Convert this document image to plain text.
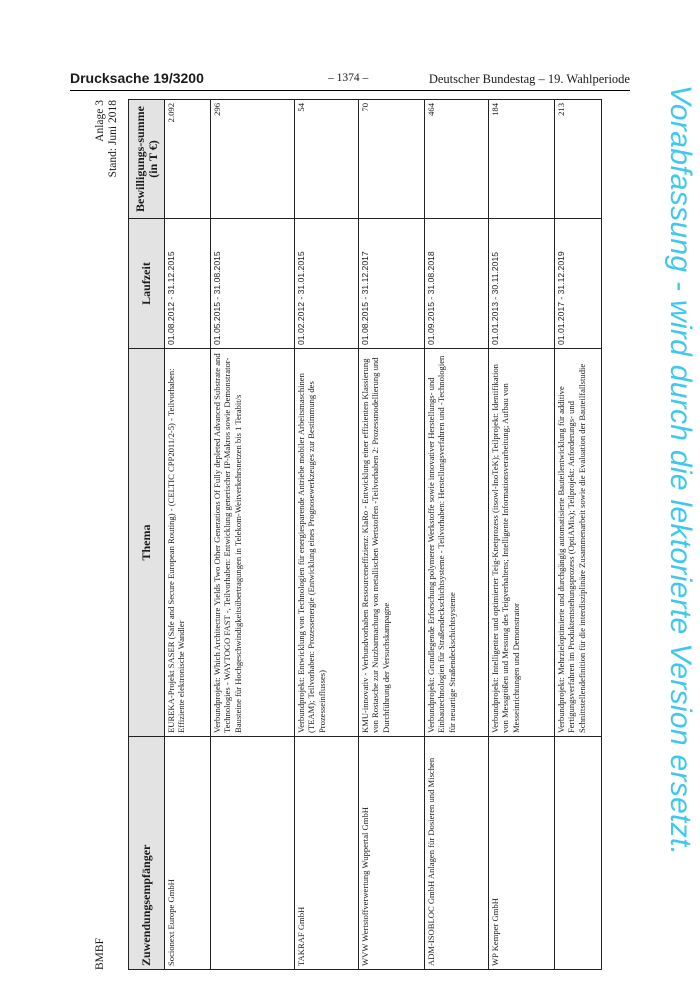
Drucksache 19/3200	– 1374 –	Deutscher Bundestag – 19. Wahlperiode
BMBF
Anlage 3 Stand: Juni 2018
Zuwendungsempfänger	Thema	Laufzeit	Bewilligungs-summe (in T €)
Socionext Europe GmbH	EUREKA-Projekt SASER (Safe and Secure European Routing) - (CELTIC CPP2011/2-5) - Teilvorhaben: Effiziente elektronische Wandler	01.08.2012 - 31.12.2015	2.092
	Verbundprojekt: Which Architecture Yields Two Other Generations Of Fully depleted Advanced Substrate and Technologies - WAYTOGO FAST -, Teilvorhaben: Entwicklung generischer IP-Makros sowie Demonstrator-Bausteine für Hochgeschwindigkeitsübertragungen in Telekom-Weitverkehrsnetzen bis 1 Terabit/s	01.05.2015 - 31.08.2015	296
TAKRAF GmbH	Verbundprojekt: Entwicklung von Technologien für energiesparende Antriebe mobiler Arbeitsmaschinen (TEAM); Teilvorhaben: Prozessenergie (Entwicklung eines Prognosewerkzeuges zur Bestimmung des Prozesseinflusses)	01.02.2012 - 31.01.2015	54
WVW Wertstoffverwertung Wuppertal GmbH	KMU-innovativ - Verbundvorhaben Ressourceneffizienz: KlaRo - Entwicklung einer effizienten Klassierung von Rostasche zur Nutzbarmachung von metallischen Wertstoffen -Teilvorhaben 2: Prozessmodellierung und Durchführung der Versuchskampagne	01.08.2015 - 31.12.2017	70
ADM-ISOBLOC GmbH Anlagen für Dosieren und Mischen	Verbundprojekt: Grundlegende Erforschung polymerer Werkstoffe sowie innovativer Herstellungs- und Einbautechnologien für Straßendeckschichtsysteme - Teilvorhaben: Herstellungsverfahren und -Technologien für neuartige Straßendeckschichtsysteme	01.09.2015 - 31.08.2018	464
WP Kemper GmbH	Verbundprojekt: Intelligenter und optimierter Teig-Knetprozess (itsowl-InoTeK); Teilprojekt: Identifikation von Messgrößen und Messung des Teigverhaltens; Intelligente Informationsverarbeitung; Aufbau von Messeinrichtungen und Demonstrator	01.01.2013 - 30.11.2015	184
	Verbundprojekt: Mehrzieloptimierte und durchgängig automatisierte Bauteilentwicklung für additive Fertigungsverfahren im Produktentstehungsprozess (OptiAMix); Teilprojekt: Anforderungs- und Schnittstellendefinition für die interdisziplinäre Zusammenarbeit sowie die Evaluation der Bauteilfallstudie	01.01.2017 - 31.12.2019	213	Vorabfassung - wird durch die lektorierte Version ersetzt.
